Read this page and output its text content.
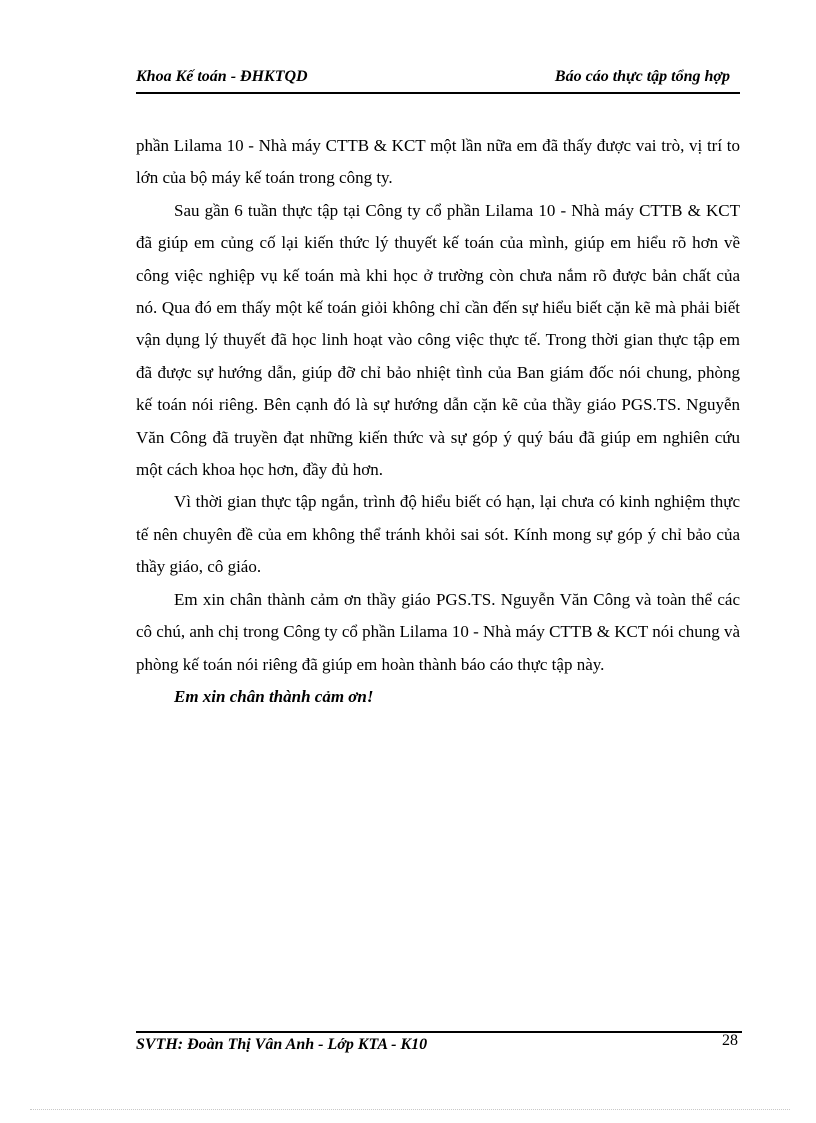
Khoa Kế toán - ĐHKTQD	Báo cáo thực tập tổng hợp

phần Lilama 10 - Nhà máy CTTB & KCT một lần nữa em đã thấy được vai trò, vị trí to lớn của bộ máy kế toán trong công ty.

Sau gần 6 tuần thực tập tại Công ty cổ phần Lilama 10 - Nhà máy CTTB & KCT đã giúp em củng cố lại kiến thức lý thuyết kế toán của mình, giúp em hiểu rõ hơn về công việc nghiệp vụ kế toán mà khi học ở trường còn chưa nắm rõ được bản chất của nó. Qua đó em thấy một kế toán giỏi không chỉ cần đến sự hiểu biết cặn kẽ mà phải biết vận dụng lý thuyết đã học linh hoạt vào công việc thực tế. Trong thời gian thực tập em đã được sự hướng dẫn, giúp đỡ chỉ bảo nhiệt tình của Ban giám đốc nói chung, phòng kế toán nói riêng. Bên cạnh đó là sự hướng dẫn cặn kẽ của thầy giáo PGS.TS. Nguyễn Văn Công đã truyền đạt những kiến thức và sự góp ý quý báu đã giúp em nghiên cứu một cách khoa học hơn, đầy đủ hơn.

Vì thời gian thực tập ngắn, trình độ hiểu biết có hạn, lại chưa có kinh nghiệm thực tế nên chuyên đề của em không thể tránh khỏi sai sót. Kính mong sự góp ý chỉ bảo của thầy giáo, cô giáo.

Em xin chân thành cảm ơn thầy giáo PGS.TS. Nguyễn Văn Công và toàn thể các cô chú, anh chị trong Công ty cổ phần Lilama 10 - Nhà máy CTTB & KCT nói chung và phòng kế toán nói riêng đã giúp em hoàn thành báo cáo thực tập này.

Em xin chân thành cảm ơn!

SVTH: Đoàn Thị Vân Anh - Lớp KTA - K10	28
